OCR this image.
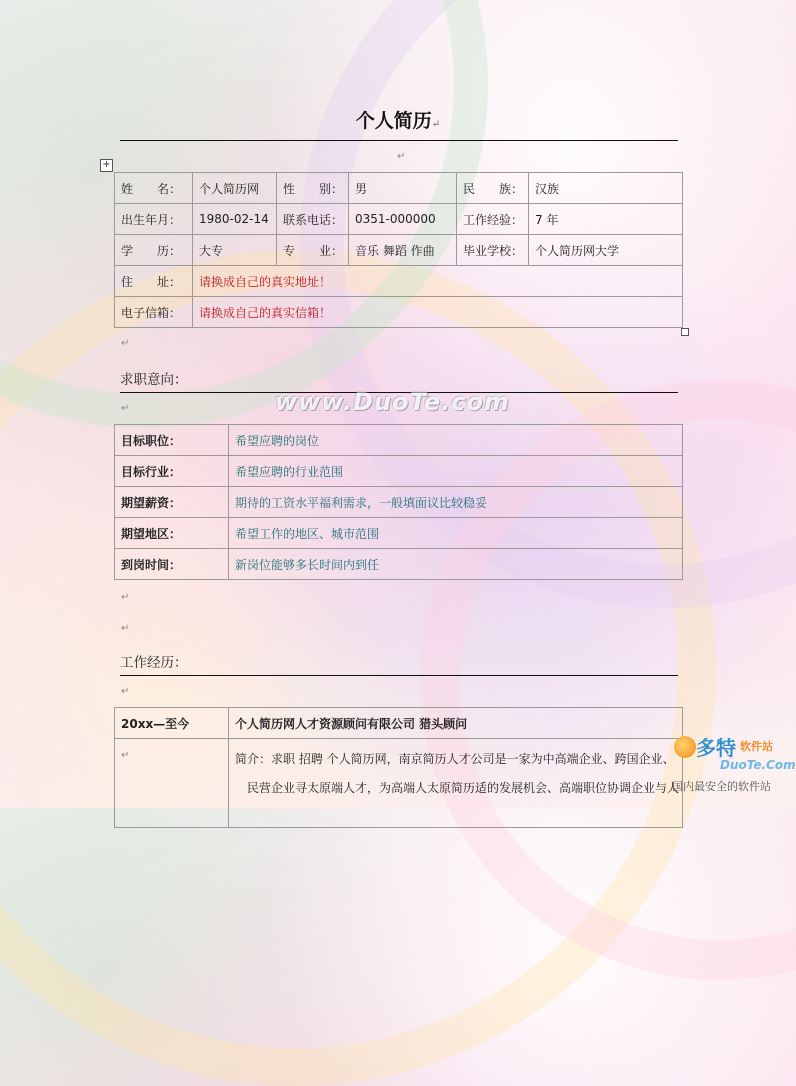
个人简历↵
↵
+
姓　　名：	个人简历网	性　　别：	男	民　　族：	汉族
出生年月：	1980-02-14	联系电话：	0351-000000	工作经验：	7 年
学　　历：	大专	专　　业：	音乐 舞蹈 作曲	毕业学校：	个人简历网大学
住　　址：	请换成自己的真实地址！				
电子信箱：	请换成自己的真实信箱！				
↵
求职意向：
↵	www.DuoTe.com
目标职位：	希望应聘的岗位
目标行业：	希望应聘的行业范围
期望薪资：	期待的工资水平福利需求，一般填面议比较稳妥
期望地区：	希望工作的地区、城市范围
到岗时间：	新岗位能够多长时间内到任
↵
↵
工作经历：
↵
20xx—至今	个人简历网人才资源顾问有限公司 猎头顾问
↵	简介：求职 招聘 个人简历网，南京简历人才公司是一家为中高端企业、跨国企业、
民营企业寻太原端人才，为高端人太原简历适的发展机会、高端职位协调企业与人
多特 软件站
DuoTe.Com
国内最安全的软件站
